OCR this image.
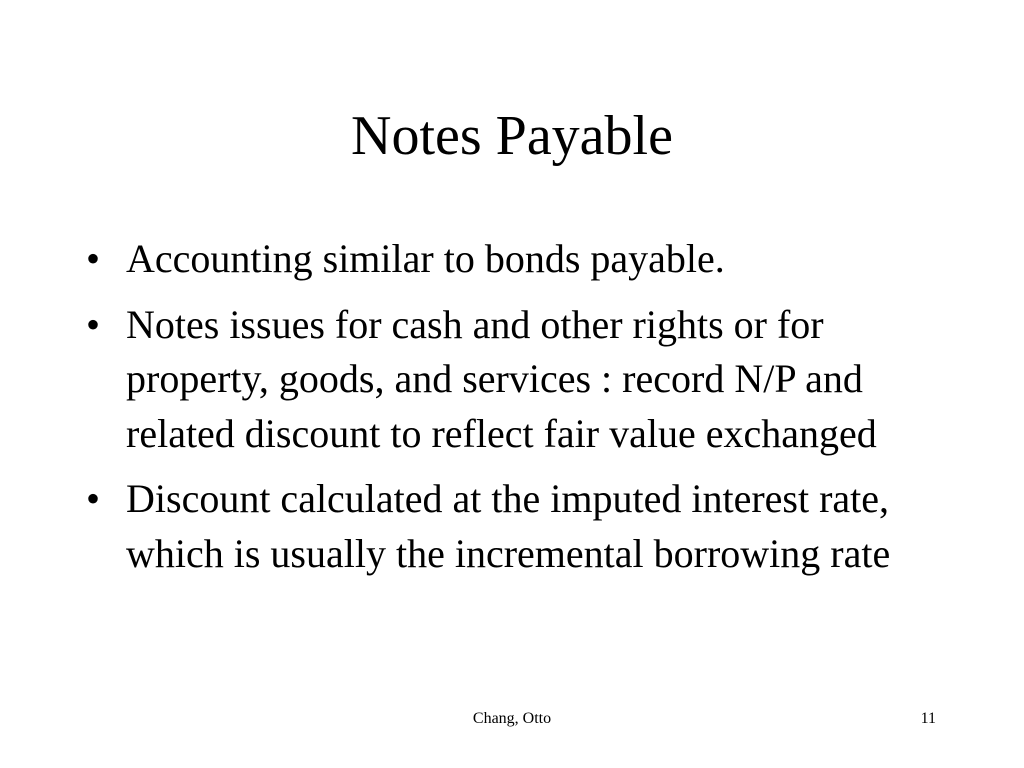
Notes Payable
• Accounting similar to bonds payable.
• Notes issues for cash and other rights or for property, goods, and services : record N/P and related discount to reflect fair value exchanged
• Discount calculated at the imputed interest rate, which is usually the incremental borrowing rate
Chang, Otto	11
